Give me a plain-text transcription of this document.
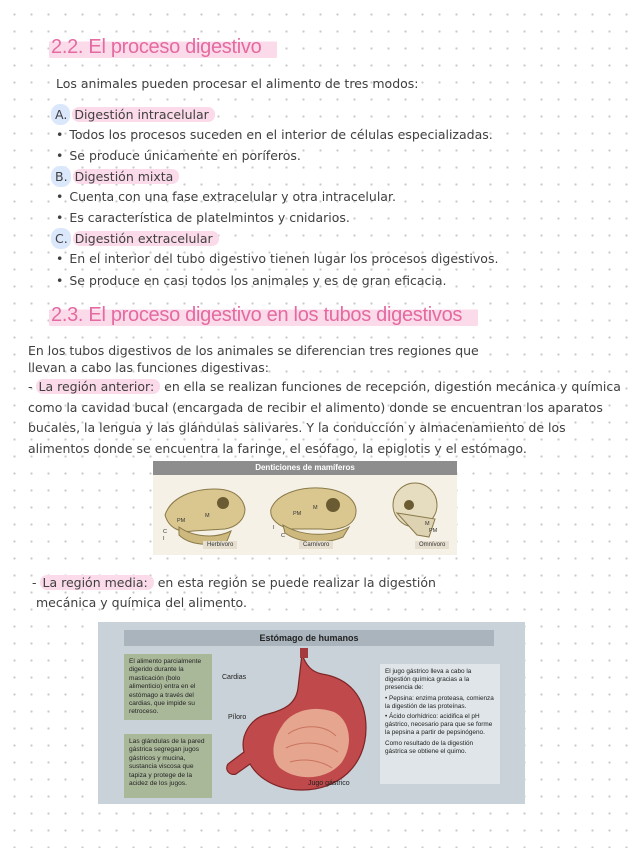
2.2. El proceso digestivo
Los animales pueden procesar el alimento de tres modos:
A. Digestión intracelular
• Todos los procesos suceden en el interior de células especializadas.
• Se produce únicamente en poríferos.
B. Digestión mixta
• Cuenta con una fase extracelular y otra intracelular.
• Es característica de platelmintos y cnidarios.
C. Digestión extracelular
• En el interior del tubo digestivo tienen lugar los procesos digestivos.
• Se produce en casi todos los animales y es de gran eficacia.
2.3. El proceso digestivo en los tubos digestivos
En los tubos digestivos de los animales se diferencian tres regiones que
llevan a cabo las funciones digestivas:
- La región anterior: en ella se realizan funciones de recepción, digestión mecánica y química como la cavidad bucal (encargada de recibir el alimento) donde se encuentran los aparatos bucales, la lengua y las glándulas salivares. Y la conducción y almacenamiento de los alimentos donde se encuentra la faringe, el esófago, la epiglotis y el estómago.
Denticiones de mamíferos
PM
M
C
I
PM
M
I
C
M
PM
Herbívoro	Carnívoro	Omnívoro
- La región media: en esta región se puede realizar la digestión
mecánica y química del alimento.
Estómago de humanos
El alimento parcialmente digerido durante la masticación (bolo alimenticio) entra en el estómago a través del cardias, que impide su retroceso.
Las glándulas de la pared gástrica segregan jugos gástricos y mucina, sustancia viscosa que tapiza y protege de la acidez de los jugos.
Cardias
Píloro
Jugo gástrico
El jugo gástrico lleva a cabo la digestión química gracias a la presencia de:
• Pepsina: enzima proteasa, comienza la digestión de las proteínas.
• Ácido clorhídrico: acidifica el pH gástrico, necesario para que se forme la pepsina a partir de pepsinógeno.
Como resultado de la digestión gástrica se obtiene el quimo.
